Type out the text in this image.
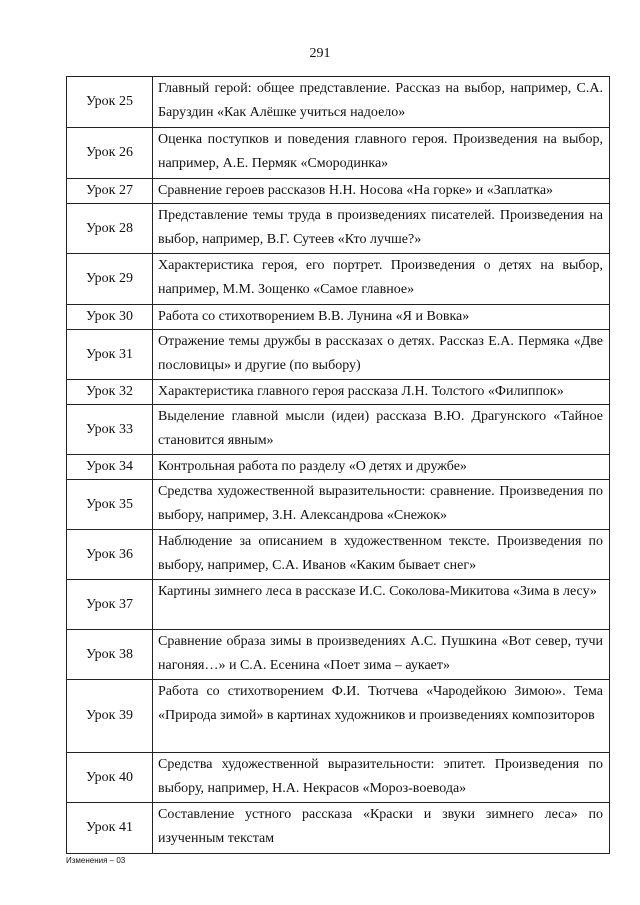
291
Урок 25	Главный герой: общее представление. Рассказ на выбор, например, С.А. Баруздин «Как Алёшке учиться надоело»
Урок 26	Оценка поступков и поведения главного героя. Произведения на выбор, например, А.Е. Пермяк «Смородинка»
Урок 27	Сравнение героев рассказов Н.Н. Носова «На горке» и «Заплатка»
Урок 28	Представление темы труда в произведениях писателей. Произведения на выбор, например, В.Г. Сутеев «Кто лучше?»
Урок 29	Характеристика героя, его портрет. Произведения о детях на выбор, например, М.М. Зощенко «Самое главное»
Урок 30	Работа со стихотворением В.В. Лунина «Я и Вовка»
Урок 31	Отражение темы дружбы в рассказах о детях. Рассказ Е.А. Пермяка «Две пословицы» и другие (по выбору)
Урок 32	Характеристика главного героя рассказа Л.Н. Толстого «Филиппок»
Урок 33	Выделение главной мысли (идеи) рассказа В.Ю. Драгунского «Тайное становится явным»
Урок 34	Контрольная работа по разделу «О детях и дружбе»
Урок 35	Средства художественной выразительности: сравнение. Произведения по выбору, например, З.Н. Александрова «Снежок»
Урок 36	Наблюдение за описанием в художественном тексте. Произведения по выбору, например, С.А. Иванов «Каким бывает снег»
Урок 37	Картины зимнего леса в рассказе И.С. Соколова-Микитова «Зима в лесу»
Урок 38	Сравнение образа зимы в произведениях А.С. Пушкина «Вот север, тучи нагоняя…» и С.А. Есенина «Поет зима – аукает»
Урок 39	Работа со стихотворением Ф.И. Тютчева «Чародейкою Зимою». Тема «Природа зимой» в картинах художников и произведениях композиторов
Урок 40	Средства художественной выразительности: эпитет. Произведения по выбору, например, Н.А. Некрасов «Мороз-воевода»
Урок 41	Составление устного рассказа «Краски и звуки зимнего леса» по изученным текстам
Изменения – 03
